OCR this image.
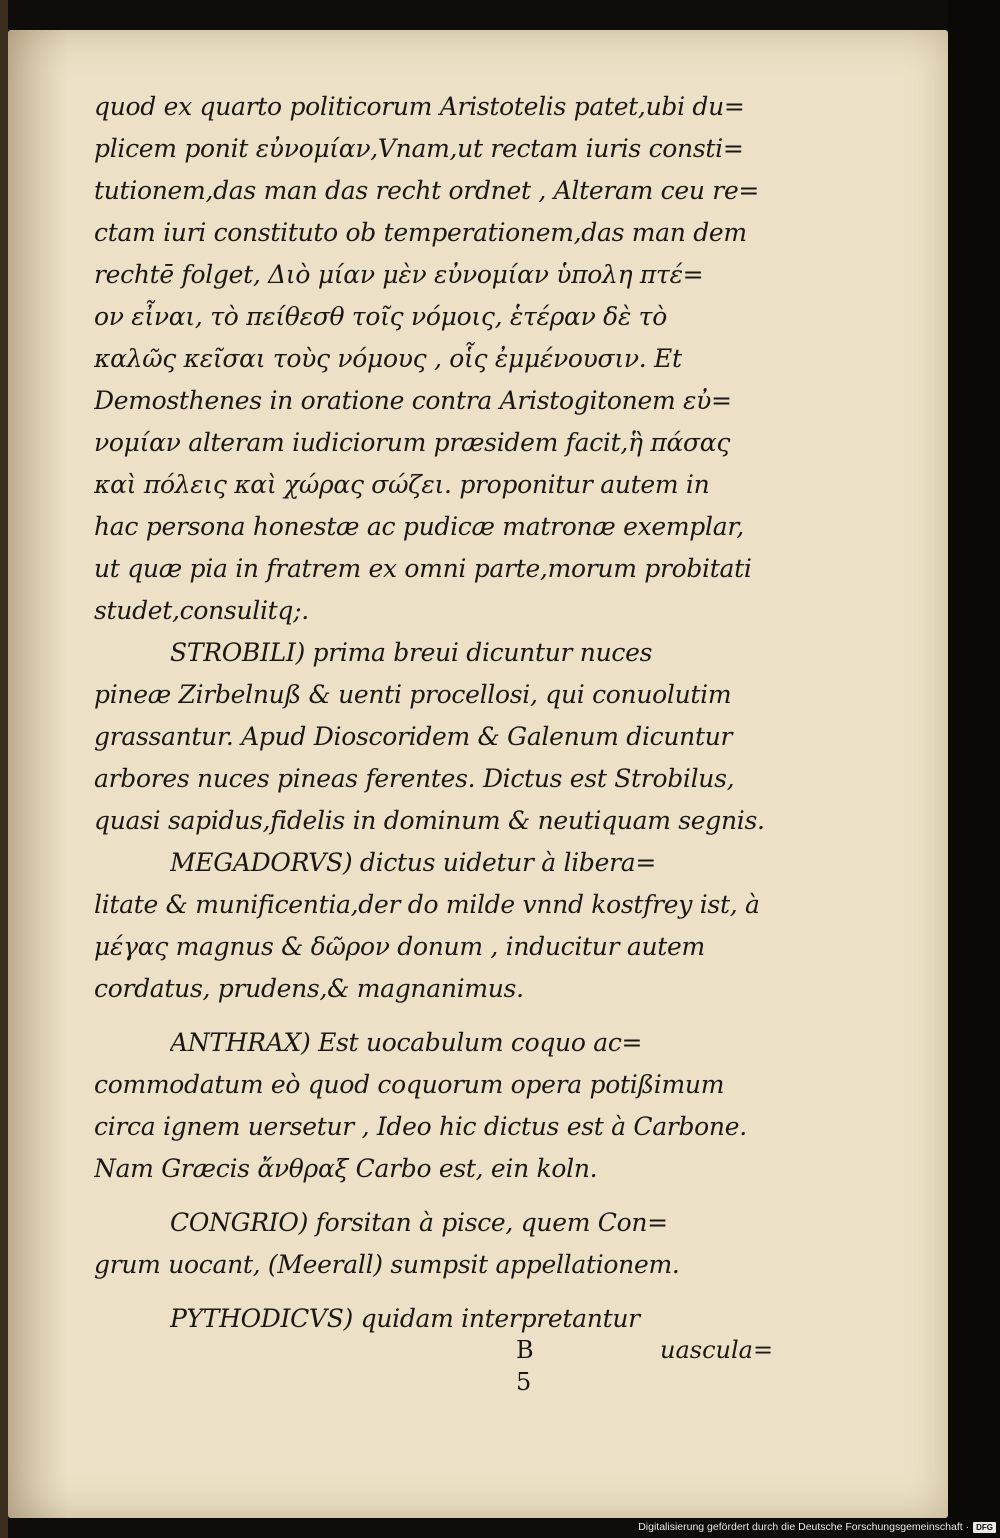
quod ex quarto politicorum Aristotelis patet,ubi du=
plicem ponit εὐνομίαν,Vnam,ut rectam iuris consti=
tutionem,das man das recht ordnet , Alteram ceu re=
ctam iuri constituto ob temperationem,das man dem
rechtē folget, Διὸ μίαν μὲν εὐνομίαν ὑπολη πτέ=
ον εἶναι, τὸ πείθεσθ τοῖς νόμοις, ἑτέραν δὲ τὸ
καλῶς κεῖσαι τοὺς νόμους , οἷς ἐμμένουσιν. Et
Demosthenes in oratione contra Aristogitonem εὐ=
νομίαν alteram iudiciorum præsidem facit,ἣ πάσας
καὶ πόλεις καὶ χώρας σώζει. proponitur autem in
hac persona honestæ ac pudicæ matronæ exemplar,
ut quæ pia in fratrem ex omni parte,morum probitati
studet,consulitq;.
STROBILI) prima breui dicuntur nuces
pineæ Zirbelnuß & uenti procellosi, qui conuolutim
grassantur. Apud Dioscoridem & Galenum dicuntur
arbores nuces pineas ferentes. Dictus est Strobilus,
quasi sapidus,fidelis in dominum & neutiquam segnis.
MEGADORVS) dictus uidetur à libera=
litate & munificentia,der do milde vnnd kostfrey ist, à
μέγας magnus & δῶρον donum , inducitur autem
cordatus, prudens,& magnanimus.
ANTHRAX) Est uocabulum coquo ac=
commodatum eò quod coquorum opera potißimum
circa ignem uersetur , Ideo hic dictus est à Carbone.
Nam Græcis ἄνθραξ Carbo est, ein koln.
CONGRIO) forsitan à pisce, quem Con=
grum uocant, (Meerall) sumpsit appellationem.
PYTHODICVS) quidam interpretantur
B 5
uascula=
Digitalisierung gefördert durch die Deutsche Forschungsgemeinschaft · DFG
